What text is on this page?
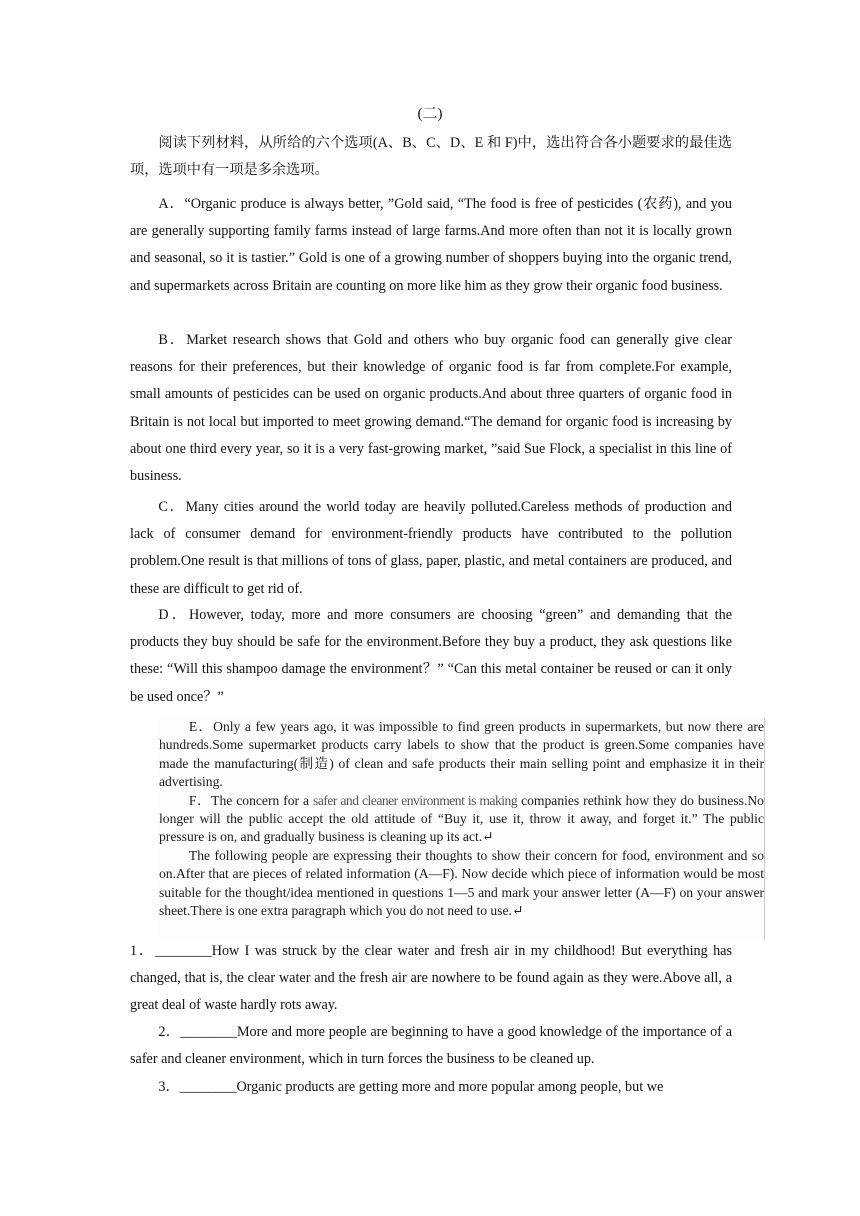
(二)
阅读下列材料，从所给的六个选项(A、B、C、D、E 和 F)中，选出符合各小题要求的最佳选项，选项中有一项是多余选项。
A．“Organic produce is always better, ”Gold said, “The food is free of pesticides (农药), and you are generally supporting family farms instead of large farms.And more often than not it is locally grown and seasonal, so it is tastier.” Gold is one of a growing number of shoppers buying into the organic trend, and supermarkets across Britain are counting on more like him as they grow their organic food business.
B．Market research shows that Gold and others who buy organic food can generally give clear reasons for their preferences, but their knowledge of organic food is far from complete.For example, small amounts of pesticides can be used on organic products.And about three quarters of organic food in Britain is not local but imported to meet growing demand.“The demand for organic food is increasing by about one third every year, so it is a very fast-growing market, ”said Sue Flock, a specialist in this line of business.
C．Many cities around the world today are heavily polluted.Careless methods of production and lack of consumer demand for environment-friendly products have contributed to the pollution problem.One result is that millions of tons of glass, paper, plastic, and metal containers are produced, and these are difficult to get rid of.
D．However, today, more and more consumers are choosing “green” and demanding that the products they buy should be safe for the environment.Before they buy a product, they ask questions like these: “Will this shampoo damage the environment？” “Can this metal container be reused or can it only be used once？”

E．Only a few years ago, it was impossible to find green products in supermarkets, but now there are hundreds.Some supermarket products carry labels to show that the product is green.Some companies have made the manufacturing(制造) of clean and safe products their main selling point and emphasize it in their advertising.

F．The concern for a safer and cleaner environment is making companies rethink how they do business.No longer will the public accept the old attitude of “Buy it, use it, throw it away, and forget it.” The public pressure is on, and gradually business is cleaning up its act.↵

The following people are expressing their thoughts to show their concern for food, environment and so on.After that are pieces of related information (A—F). Now decide which piece of information would be most suitable for the thought/idea mentioned in questions 1—5 and mark your answer letter (A—F) on your answer sheet.There is one extra paragraph which you do not need to use.↵

1．________How I was struck by the clear water and fresh air in my childhood! But everything has changed, that is, the clear water and the fresh air are nowhere to be found again as they were.Above all, a great deal of waste hardly rots away.
2．________More and more people are beginning to have a good knowledge of the importance of a safer and cleaner environment, which in turn forces the business to be cleaned up.
3．________Organic products are getting more and more popular among people, but we
